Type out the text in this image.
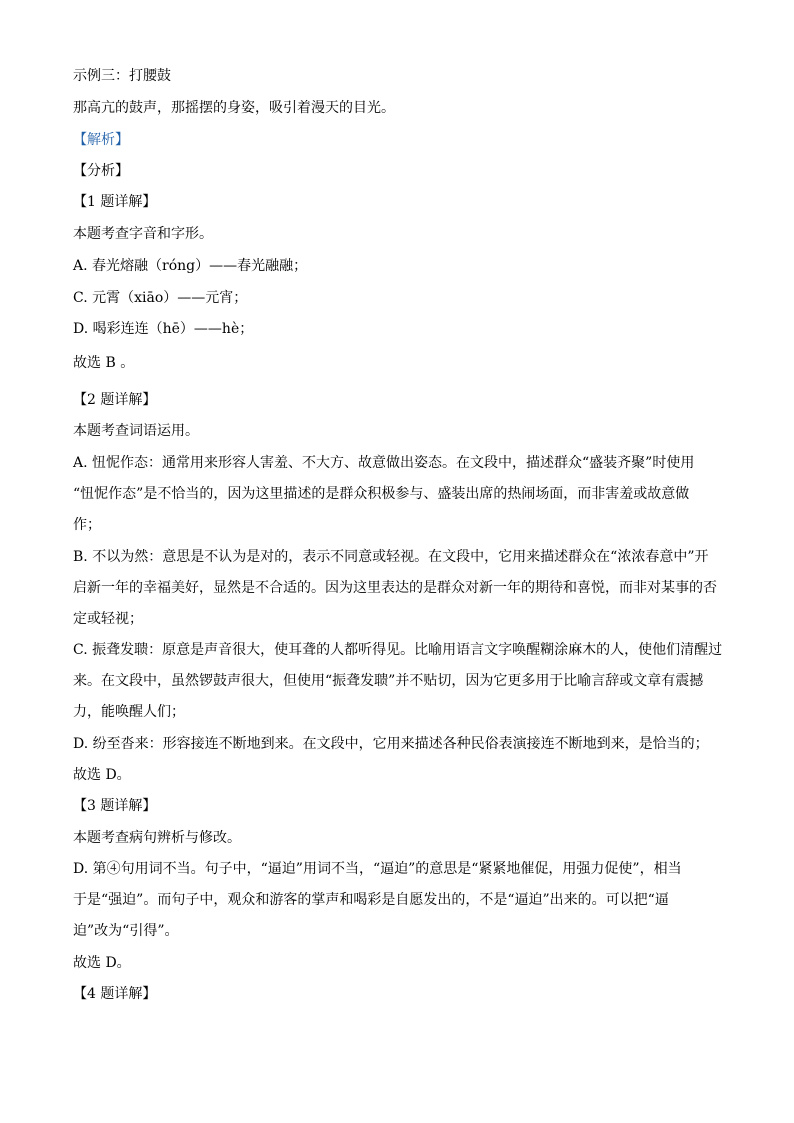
示例三：打腰鼓
那高亢的鼓声，那摇摆的身姿，吸引着漫天的目光。
【解析】
【分析】
【1 题详解】
本题考查字音和字形。
A. 春光熔融（róng）——春光融融；
C. 元霄（xiāo）——元宵；
D. 喝彩连连（hē）——hè；
故选 B 。
【2 题详解】
本题考查词语运用。
A. 忸怩作态：通常用来形容人害羞、不大方、故意做出姿态。在文段中，描述群众“盛装齐聚”时使用
“忸怩作态”是不恰当的，因为这里描述的是群众积极参与、盛装出席的热闹场面，而非害羞或故意做
作；
B. 不以为然：意思是不认为是对的，表示不同意或轻视。在文段中，它用来描述群众在“浓浓春意中”开
启新一年的幸福美好，显然是不合适的。因为这里表达的是群众对新一年的期待和喜悦，而非对某事的否
定或轻视；
C. 振聋发聩：原意是声音很大，使耳聋的人都听得见。比喻用语言文字唤醒糊涂麻木的人，使他们清醒过
来。在文段中，虽然锣鼓声很大，但使用“振聋发聩”并不贴切，因为它更多用于比喻言辞或文章有震撼
力，能唤醒人们；
D. 纷至沓来：形容接连不断地到来。在文段中，它用来描述各种民俗表演接连不断地到来，是恰当的；
故选 D。
【3 题详解】
本题考查病句辨析与修改。
D. 第④句用词不当。句子中，“逼迫”用词不当，“逼迫”的意思是“紧紧地催促，用强力促使”，相当
于是“强迫”。而句子中，观众和游客的掌声和喝彩是自愿发出的，不是“逼迫”出来的。可以把“逼
迫”改为“引得”。
故选 D。
【4 题详解】
